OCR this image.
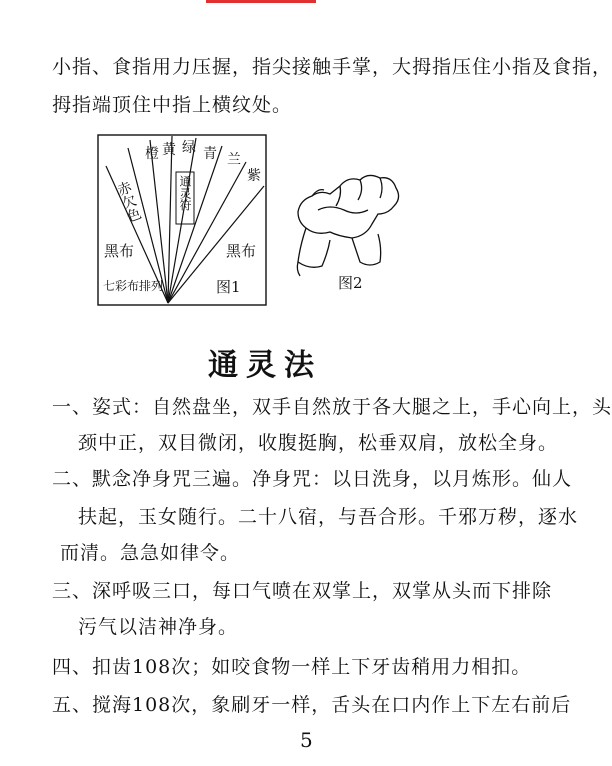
小指、食指用力压握，指尖接触手掌，大拇指压住小指及食指，
拇指端顶住中指上横纹处。
赤欠色
橙 黄 绿 青 兰
紫
通灵符
黑布	黑布
七彩布排列	图1	图2
通灵法
一、姿式：自然盘坐，双手自然放于各大腿之上，手心向上，头
颈中正，双目微闭，收腹挺胸，松垂双肩，放松全身。
二、默念净身咒三遍。净身咒：以日洗身，以月炼形。仙人
扶起，玉女随行。二十八宿，与吾合形。千邪万秽，逐水
而清。急急如律令。
三、深呼吸三口，每口气喷在双掌上，双掌从头而下排除
污气以洁神净身。
四、扣齿108次；如咬食物一样上下牙齿稍用力相扣。
五、搅海108次，象刷牙一样，舌头在口内作上下左右前后
5
